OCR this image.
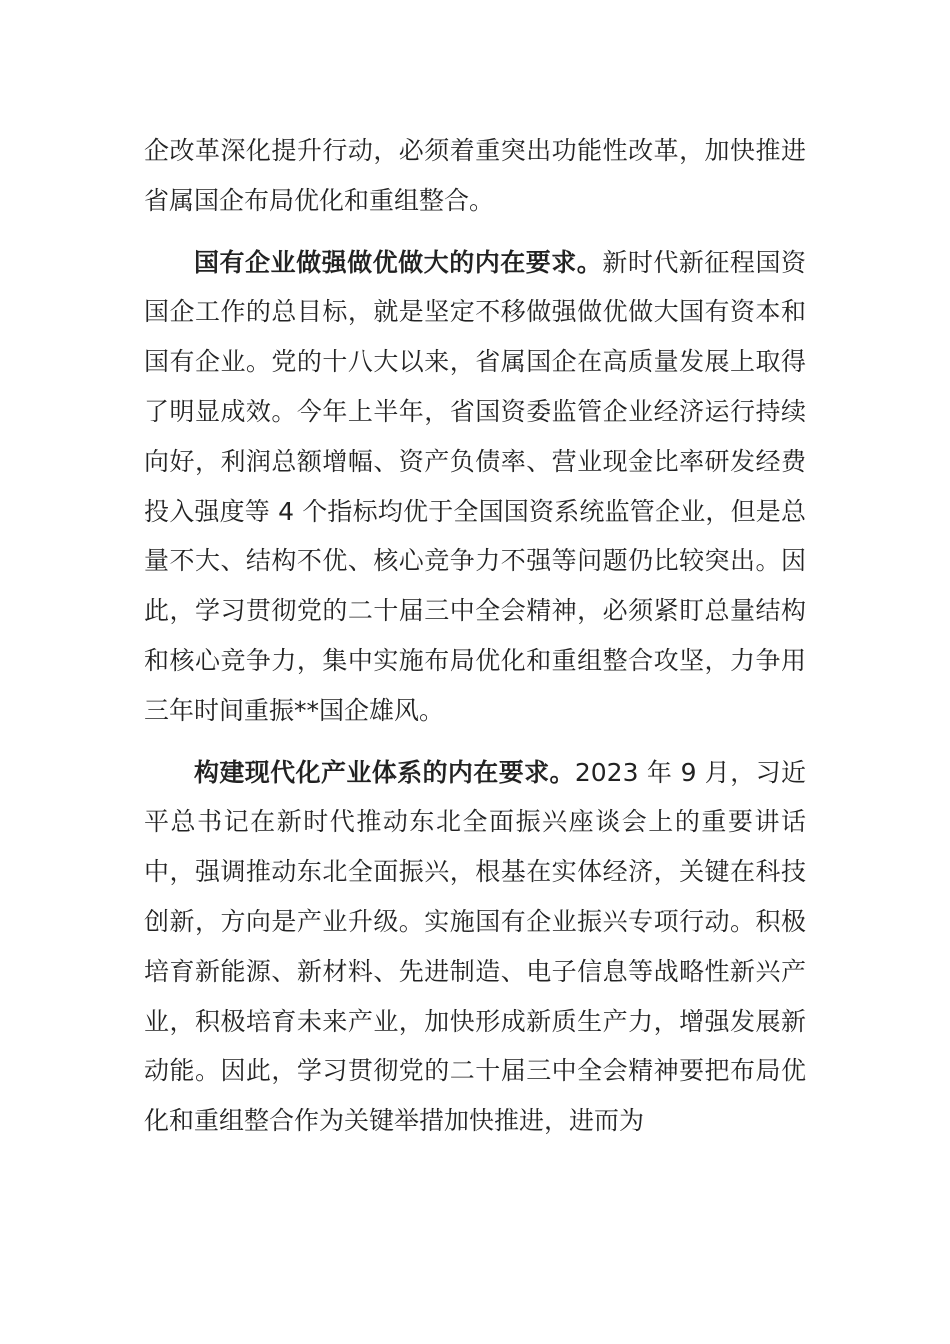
企改革深化提升行动，必须着重突出功能性改革，加快推进省属国企布局优化和重组整合。

国有企业做强做优做大的内在要求。新时代新征程国资国企工作的总目标，就是坚定不移做强做优做大国有资本和国有企业。党的十八大以来，省属国企在高质量发展上取得了明显成效。今年上半年，省国资委监管企业经济运行持续向好，利润总额增幅、资产负债率、营业现金比率研发经费投入强度等 4 个指标均优于全国国资系统监管企业，但是总量不大、结构不优、核心竞争力不强等问题仍比较突出。因此，学习贯彻党的二十届三中全会精神，必须紧盯总量结构和核心竞争力，集中实施布局优化和重组整合攻坚，力争用三年时间重振**国企雄风。

构建现代化产业体系的内在要求。2023 年 9 月，习近平总书记在新时代推动东北全面振兴座谈会上的重要讲话中，强调推动东北全面振兴，根基在实体经济，关键在科技创新，方向是产业升级。实施国有企业振兴专项行动。积极培育新能源、新材料、先进制造、电子信息等战略性新兴产业，积极培育未来产业，加快形成新质生产力，增强发展新动能。因此，学习贯彻党的二十届三中全会精神要把布局优化和重组整合作为关键举措加快推进，进而为
